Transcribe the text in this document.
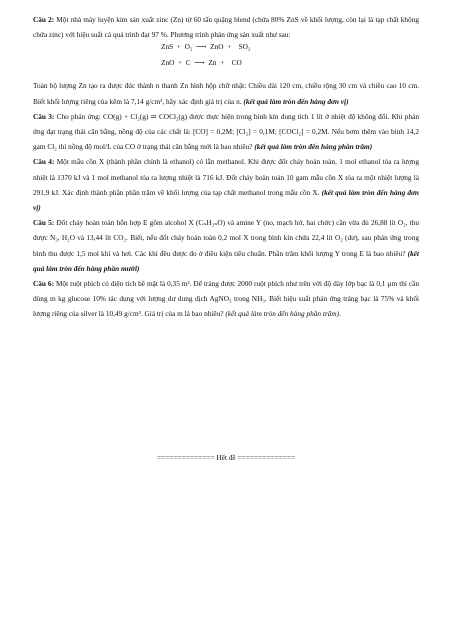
Câu 2: Một nhà máy luyện kim sản xuất zinc (Zn) từ 60 tấn quặng blend (chứa 80% ZnS về khối lượng, còn lại là tạp chất không chứa zinc) với hiệu suất cả quá trình đạt 97 %. Phương trình phản ứng sản xuất như sau:

ZnS  +  O₂  ⟶  ZnO  +    SO₂
ZnO  +  C  ⟶  Zn  +    CO

Toàn bộ lượng Zn tạo ra được đúc thành n thanh Zn hình hộp chữ nhật: Chiều dài 120 cm, chiều rộng 30 cm và chiều cao 10 cm. Biết khối lượng riêng của kẽm là 7,14 g/cm³, hãy xác định giá trị của n. (kết quả làm tròn đến hàng đơn vị)

Câu 3: Cho phản ứng: CO(g) + Cl₂(g) ⇌ COCl₂(g) được thực hiện trong bình kín dung tích 1 lít ở nhiệt độ không đổi. Khi phản ứng đạt trạng thái cân bằng, nồng độ của các chất là: [CO] = 0,2M; [Cl₂] = 0,1M; [COCl₂] = 0,2M. Nếu bơm thêm vào bình 14,2 gam Cl₂ thì nồng độ mol/L của CO ở trạng thái cân bằng mới là bao nhiêu? (kết quả làm tròn đến hàng phần trăm)

Câu 4: Một mẫu cồn X (thành phần chính là ethanol) có lẫn methanol. Khi được đốt cháy hoàn toàn, 1 mol ethanol tỏa ra lượng nhiệt là 1370 kJ và 1 mol methanol tỏa ra lượng nhiệt là 716 kJ. Đốt cháy hoàn toàn 10 gam mẫu cồn X tỏa ra một nhiệt lượng là 291,9 kJ. Xác định thành phần phần trăm về khối lượng của tạp chất methanol trong mẫu cồn X. (kết quả làm tròn đến hàng đơn vị)

Câu 5: Đốt cháy hoàn toàn hỗn hợp E gồm alcohol X (CₙH₂ₙO) và amine Y (no, mạch hở, hai chức) cần vừa đủ 26,88 lít O₂, thu được N₂, H₂O và 13,44 lít CO₂. Biết, nếu đốt cháy hoàn toàn 0,2 mol X trong bình kín chứa 22,4 lít O₂ (dư), sau phản ứng trong bình thu được 1,5 mol khí và hơi. Các khí đều được đo ở điều kiện tiêu chuẩn. Phần trăm khối lượng Y trong E là bao nhiêu? (kết quả làm tròn đến hàng phần mười)

Câu 6: Một ruột phích có diện tích bề mặt là 0,35 m². Để tráng được 2000 ruột phích như trên với độ dày lớp bạc là 0,1 µm thì cần dùng m kg glucose 10% tác dụng với lượng dư dung dịch AgNO₃ trong NH₃. Biết hiệu suất phản ứng tráng bạc là 75% và khối lượng riêng của silver là 10,49 g/cm³. Giá trị của m là bao nhiêu? (kết quả làm tròn đến hàng phần trăm).

============== Hết đề ==============
